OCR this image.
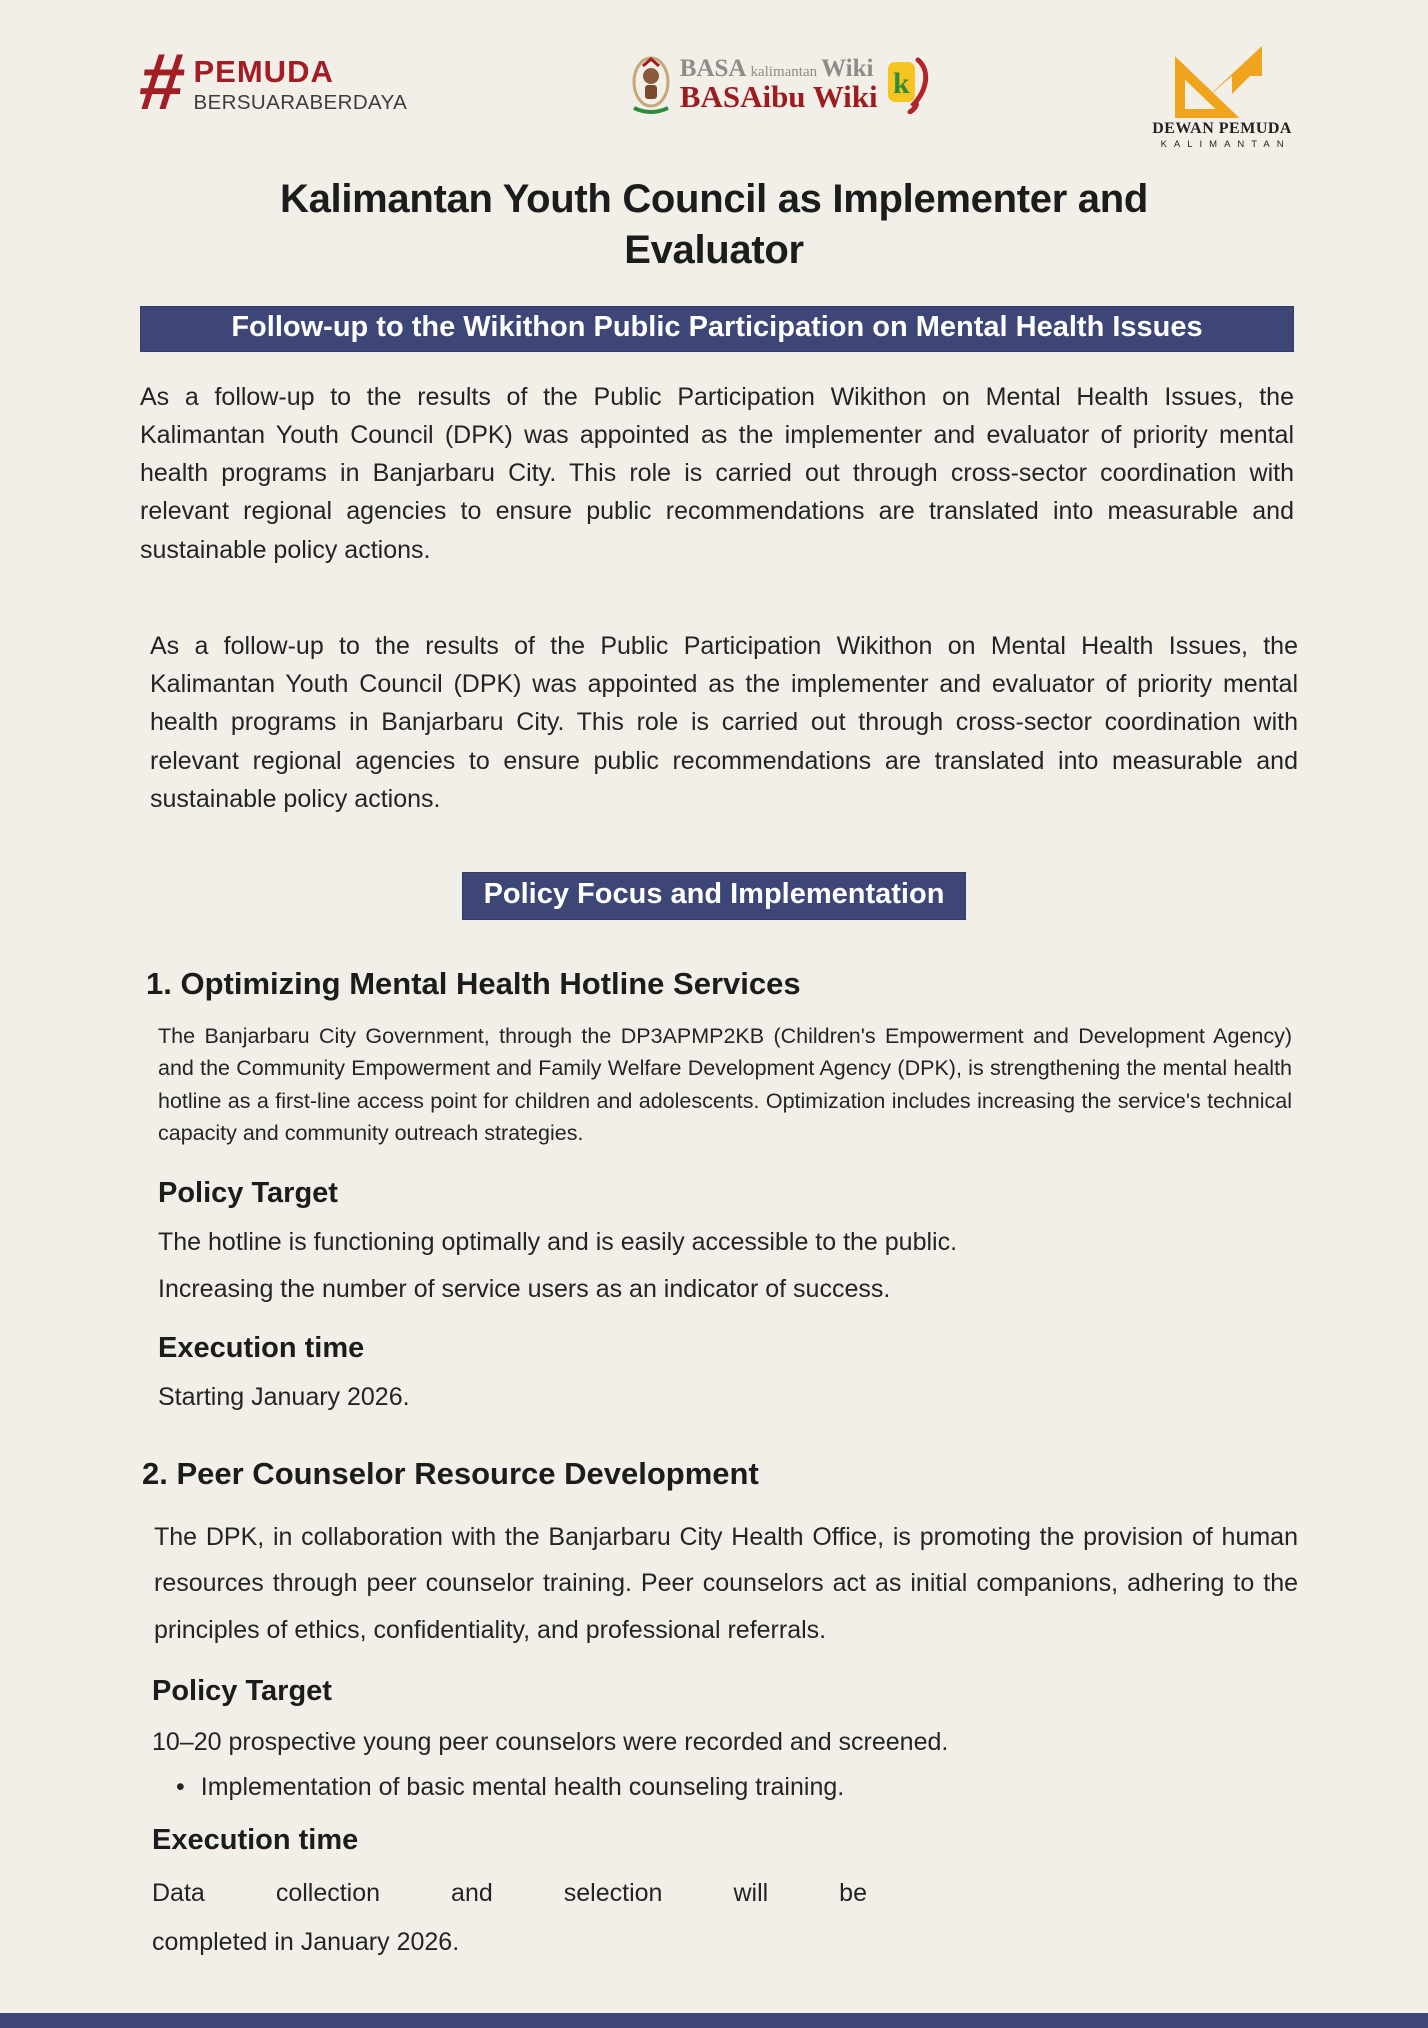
# PEMUDA
BERSUARABERDAYA
BASA kalimantan Wiki
BASAibu Wiki k
DEWAN PEMUDA
KALIMANTAN
Kalimantan Youth Council as Implementer and Evaluator
Follow-up to the Wikithon Public Participation on Mental Health Issues

As a follow-up to the results of the Public Participation Wikithon on Mental Health Issues, the Kalimantan Youth Council (DPK) was appointed as the implementer and evaluator of priority mental health programs in Banjarbaru City. This role is carried out through cross-sector coordination with relevant regional agencies to ensure public recommendations are translated into measurable and sustainable policy actions.

As a follow-up to the results of the Public Participation Wikithon on Mental Health Issues, the Kalimantan Youth Council (DPK) was appointed as the implementer and evaluator of priority mental health programs in Banjarbaru City. This role is carried out through cross-sector coordination with relevant regional agencies to ensure public recommendations are translated into measurable and sustainable policy actions.

Policy Focus and Implementation
1. Optimizing Mental Health Hotline Services

The Banjarbaru City Government, through the DP3APMP2KB (Children's Empowerment and Development Agency) and the Community Empowerment and Family Welfare Development Agency (DPK), is strengthening the mental health hotline as a first-line access point for children and adolescents. Optimization includes increasing the service's technical capacity and community outreach strategies.

Policy Target
The hotline is functioning optimally and is easily accessible to the public.
Increasing the number of service users as an indicator of success.
Execution time
Starting January 2026.
2. Peer Counselor Resource Development

The DPK, in collaboration with the Banjarbaru City Health Office, is promoting the provision of human resources through peer counselor training. Peer counselors act as initial companions, adhering to the principles of ethics, confidentiality, and professional referrals.

Policy Target
10–20 prospective young peer counselors were recorded and screened.
• Implementation of basic mental health counseling training.
Execution time
Data collection and selection will be
completed in January 2026.
